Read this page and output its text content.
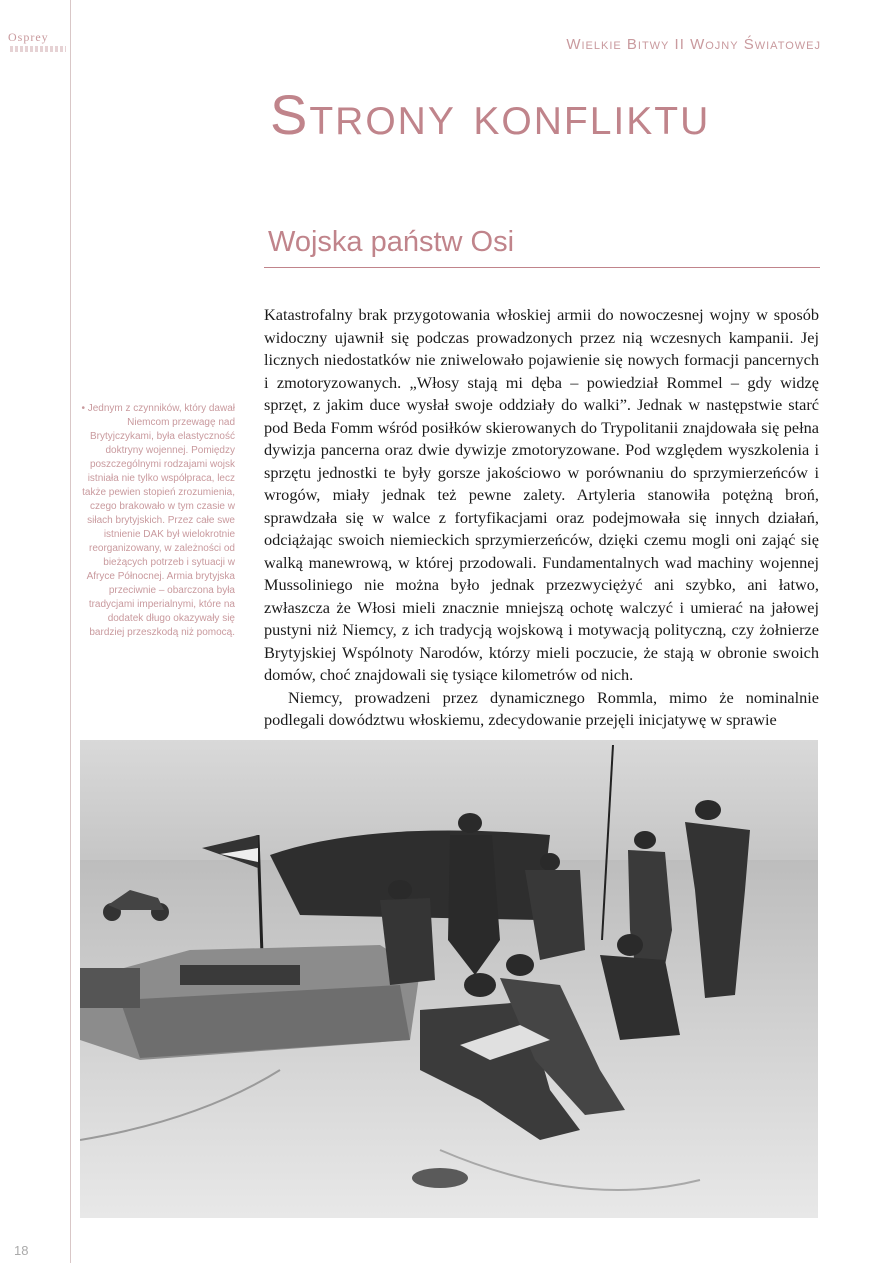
Osprey	Wielkie Bitwy II Wojny Światowej
Strony konfliktu
Wojska państw Osi

• Jednym z czynników, który dawał Niemcom przewagę nad Brytyjczykami, była elastyczność doktryny wojennej. Pomiędzy poszczególnymi rodzajami wojsk istniała nie tylko współpraca, lecz także pewien stopień zrozumienia, czego brakowało w tym czasie w siłach brytyjskich. Przez całe swe istnienie DAK był wielokrotnie reorganizowany, w zależności od bieżących potrzeb i sytuacji w Afryce Północnej. Armia brytyjska przeciwnie – obarczona była tradycjami imperialnymi, które na dodatek długo okazywały się bardziej przeszkodą niż pomocą.

Katastrofalny brak przygotowania włoskiej armii do nowoczesnej wojny w sposób widoczny ujawnił się podczas prowadzonych przez nią wczesnych kampanii. Jej licznych niedostatków nie zniwelowało pojawienie się nowych formacji pancernych i zmotoryzowanych. „Włosy stają mi dęba – powiedział Rommel – gdy widzę sprzęt, z jakim duce wysłał swoje oddziały do walki”. Jednak w następstwie starć pod Beda Fomm wśród posiłków skierowanych do Trypolitanii znajdowała się pełna dywizja pancerna oraz dwie dywizje zmotoryzowane. Pod względem wyszkolenia i sprzętu jednostki te były gorsze jakościowo w porównaniu do sprzymierzeńców i wrogów, miały jednak też pewne zalety. Artyleria stanowiła potężną broń, sprawdzała się w walce z fortyfikacjami oraz podejmowała się innych działań, odciążając swoich niemieckich sprzymierzeńców, dzięki czemu mogli oni zająć się walką manewrową, w której przodowali. Fundamentalnych wad machiny wojennej Mussoliniego nie można było jednak przezwyciężyć ani szybko, ani łatwo, zwłaszcza że Włosi mieli znacznie mniejszą ochotę walczyć i umierać na jałowej pustyni niż Niemcy, z ich tradycją wojskową i motywacją polityczną, czy żołnierze Brytyjskiej Wspólnoty Narodów, którzy mieli poczucie, że stają w obronie swoich domów, choć znajdowali się tysiące kilometrów od nich.

Niemcy, prowadzeni przez dynamicznego Rommla, mimo że nominalnie podlegali dowództwu włoskiemu, zdecydowanie przejęli inicjatywę w sprawie

18
